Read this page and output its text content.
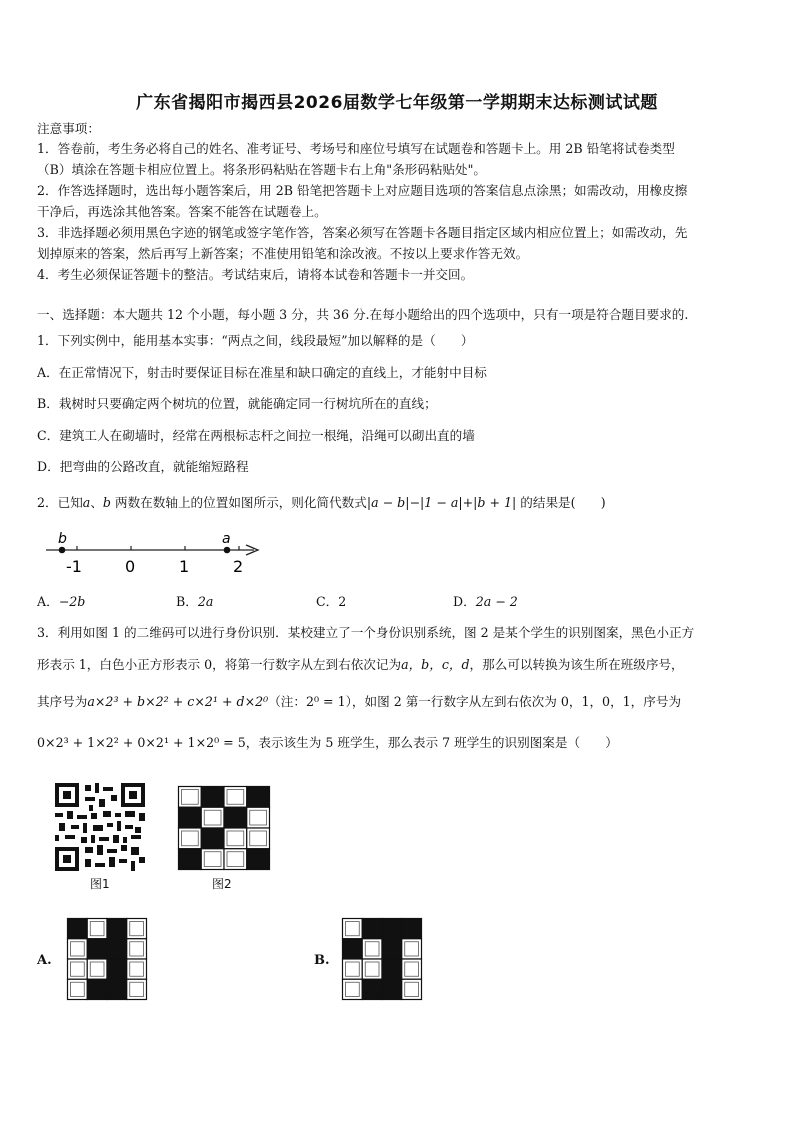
广东省揭阳市揭西县2026届数学七年级第一学期期末达标测试试题
注意事项：
1．答卷前，考生务必将自己的姓名、准考证号、考场号和座位号填写在试题卷和答题卡上。用 2B 铅笔将试卷类型
（B）填涂在答题卡相应位置上。将条形码粘贴在答题卡右上角"条形码粘贴处"。
2．作答选择题时，选出每小题答案后，用 2B 铅笔把答题卡上对应题目选项的答案信息点涂黑；如需改动，用橡皮擦
干净后，再选涂其他答案。答案不能答在试题卷上。
3．非选择题必须用黑色字迹的钢笔或签字笔作答，答案必须写在答题卡各题目指定区域内相应位置上；如需改动，先
划掉原来的答案，然后再写上新答案；不准使用铅笔和涂改液。不按以上要求作答无效。
4．考生必须保证答题卡的整洁。考试结束后，请将本试卷和答题卡一并交回。
一、选择题：本大题共 12 个小题，每小题 3 分，共 36 分.在每小题给出的四个选项中，只有一项是符合题目要求的.
1．下列实例中，能用基本实事：“两点之间，线段最短”加以解释的是（　　）
A．在正常情况下，射击时要保证目标在准星和缺口确定的直线上，才能射中目标
B．栽树时只要确定两个树坑的位置，就能确定同一行树坑所在的直线；
C．建筑工人在砌墙时，经常在两根标志杆之间拉一根绳，沿绳可以砌出直的墙
D．把弯曲的公路改直，就能缩短路程
2．已知a、b 两数在数轴上的位置如图所示，则化简代数式|a − b|−|1 − a|+|b + 1| 的结果是(　　)
b	a
-1	0	1	2
A．−2b	B．2a	C．2	D．2a − 2
3．利用如图 1 的二维码可以进行身份识别．某校建立了一个身份识别系统，图 2 是某个学生的识别图案，黑色小正方
形表示 1，白色小正方形表示 0，将第一行数字从左到右依次记为a，b，c，d，那么可以转换为该生所在班级序号，
其序号为a×2³ + b×2² + c×2¹ + d×2⁰（注：2⁰ = 1），如图 2 第一行数字从左到右依次为 0，1，0，1，序号为
0×2³ + 1×2² + 0×2¹ + 1×2⁰ = 5，表示该生为 5 班学生，那么表示 7 班学生的识别图案是（　　）
图1	图2
A.	B.
